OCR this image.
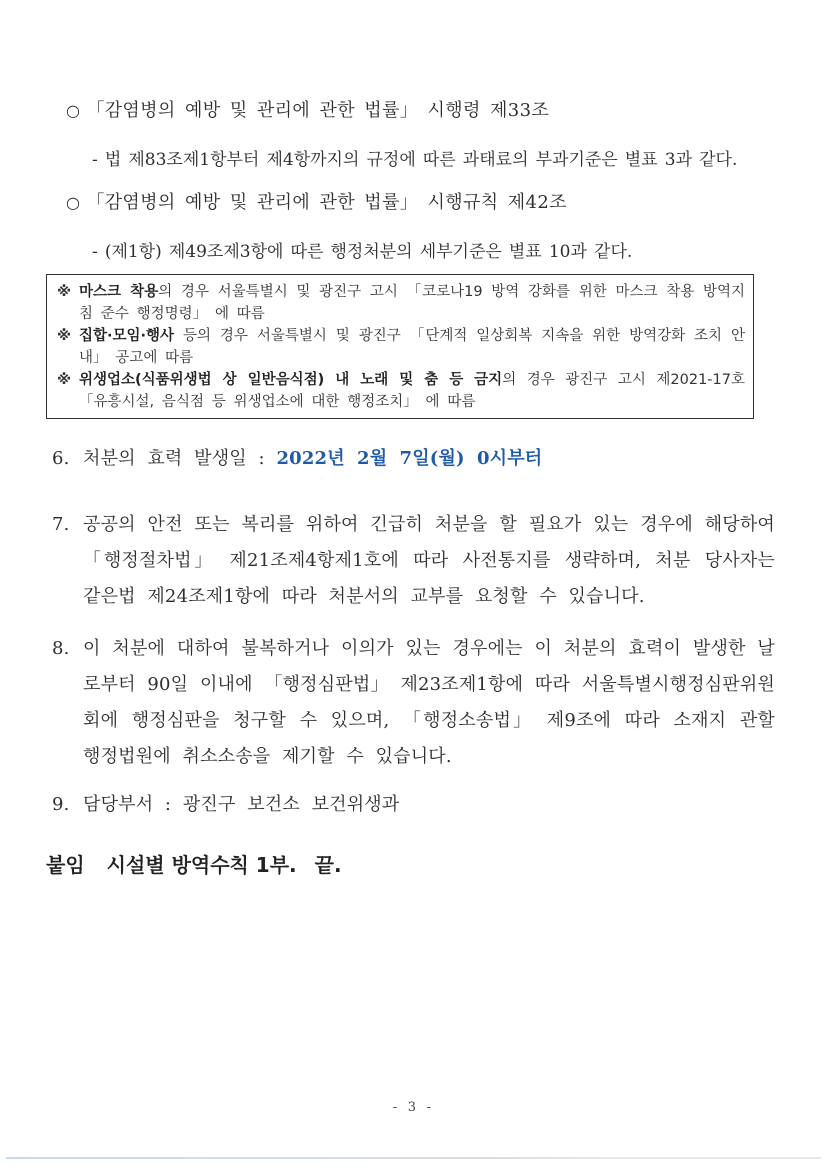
○ 「감염병의 예방 및 관리에 관한 법률」 시행령 제33조
- 법 제83조제1항부터 제4항까지의 규정에 따른 과태료의 부과기준은 별표 3과 같다.
○ 「감염병의 예방 및 관리에 관한 법률」 시행규칙 제42조
- (제1항) 제49조제3항에 따른 행정처분의 세부기준은 별표 10과 같다.
※ 마스크 착용의 경우 서울특별시 및 광진구 고시 「코로나19 방역 강화를 위한 마스크 착용 방역지침 준수 행정명령」 에 따름
※ 집합·모임·행사 등의 경우 서울특별시 및 광진구 「단계적 일상회복 지속을 위한 방역강화 조치 안내」 공고에 따름
※ 위생업소(식품위생법 상 일반음식점) 내 노래 및 춤 등 금지의 경우 광진구 고시 제2021-17호 「유흥시설, 음식점 등 위생업소에 대한 행정조치」 에 따름
6. 처분의 효력 발생일 : 2022년 2월 7일(월) 0시부터
7. 공공의 안전 또는 복리를 위하여 긴급히 처분을 할 필요가 있는 경우에 해당하여 「행정절차법」 제21조제4항제1호에 따라 사전통지를 생략하며, 처분 당사자는 같은법 제24조제1항에 따라 처분서의 교부를 요청할 수 있습니다.
8. 이 처분에 대하여 불복하거나 이의가 있는 경우에는 이 처분의 효력이 발생한 날로부터 90일 이내에 「행정심판법」 제23조제1항에 따라 서울특별시행정심판위원회에 행정심판을 청구할 수 있으며, 「행정소송법」 제9조에 따라 소재지 관할 행정법원에 취소소송을 제기할 수 있습니다.
9. 담당부서 : 광진구 보건소 보건위생과
붙임 시설별 방역수칙 1부. 끝.
- 3 -
